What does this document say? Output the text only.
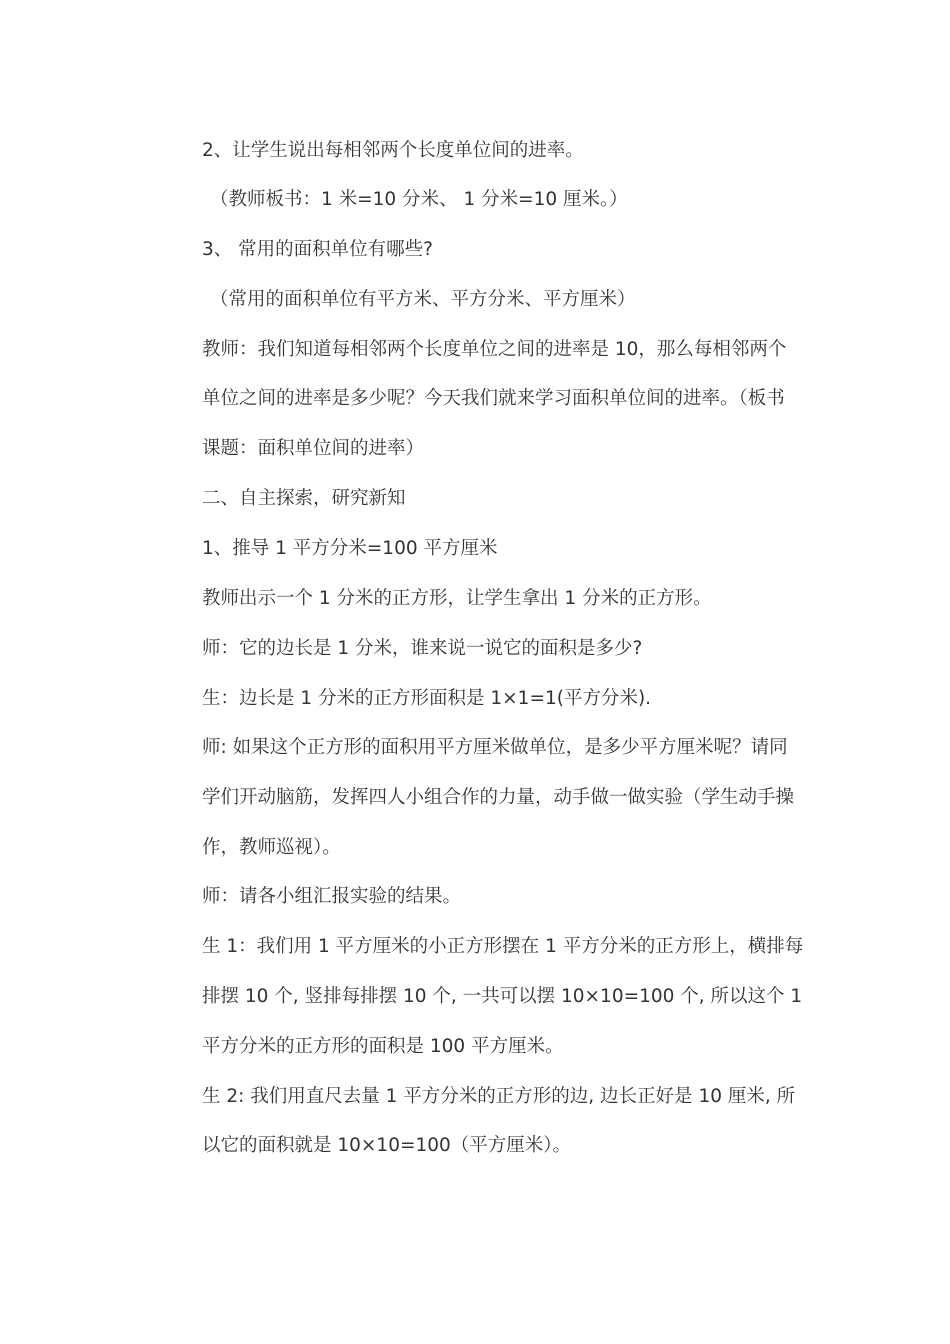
2、让学生说出每相邻两个长度单位间的进率。
（教师板书：1 米=10 分米、 1 分米=10 厘米。）
3、 常用的面积单位有哪些?
（常用的面积单位有平方米、平方分米、平方厘米）
教师：我们知道每相邻两个长度单位之间的进率是 10，那么每相邻两个
单位之间的进率是多少呢？今天我们就来学习面积单位间的进率。（板书
课题：面积单位间的进率）
二、自主探索，研究新知
1、推导 1 平方分米=100 平方厘米
教师出示一个 1 分米的正方形，让学生拿出 1 分米的正方形。
师：它的边长是 1 分米，谁来说一说它的面积是多少?
生：边长是 1 分米的正方形面积是 1×1=1(平方分米).
师: 如果这个正方形的面积用平方厘米做单位，是多少平方厘米呢？请同
学们开动脑筋，发挥四人小组合作的力量，动手做一做实验（学生动手操
作，教师巡视）。
师：请各小组汇报实验的结果。
生 1：我们用 1 平方厘米的小正方形摆在 1 平方分米的正方形上，横排每
排摆 10 个, 竖排每排摆 10 个, 一共可以摆 10×10=100 个, 所以这个 1
平方分米的正方形的面积是 100 平方厘米。
生 2: 我们用直尺去量 1 平方分米的正方形的边, 边长正好是 10 厘米, 所
以它的面积就是 10×10=100（平方厘米）。
